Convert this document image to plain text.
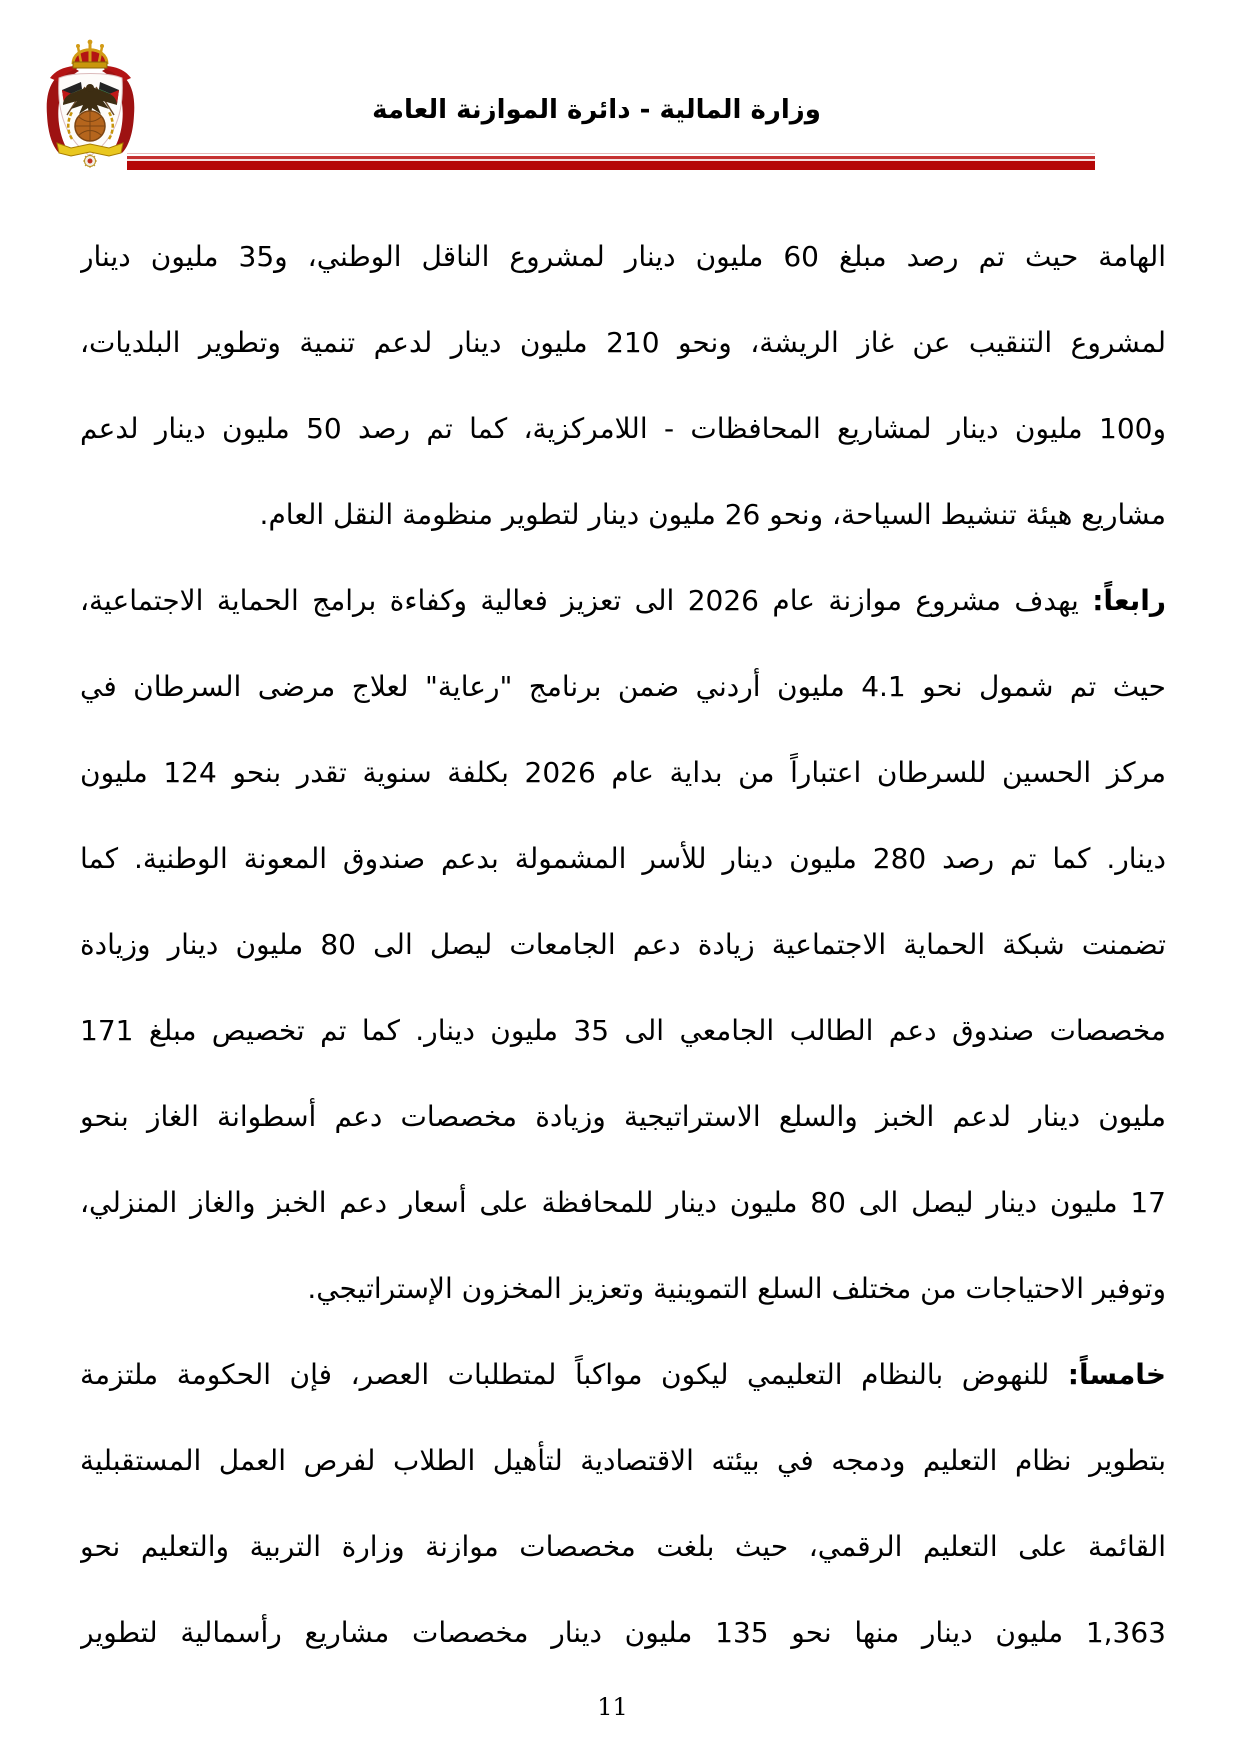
وزارة المالية - دائرة الموازنة العامة
الهامة حيث تم رصد مبلغ 60 مليون دينار لمشروع الناقل الوطني، و35 مليون دينار
لمشروع التنقيب عن غاز الريشة، ونحو 210 مليون دينار لدعم تنمية وتطوير البلديات،
و100 مليون دينار لمشاريع المحافظات - اللامركزية، كما تم رصد 50 مليون دينار لدعم
مشاريع هيئة تنشيط السياحة، ونحو 26 مليون دينار لتطوير منظومة النقل العام.
رابعاً: يهدف مشروع موازنة عام 2026 الى تعزيز فعالية وكفاءة برامج الحماية الاجتماعية،
حيث تم شمول نحو 4.1 مليون أردني ضمن برنامج "رعاية" لعلاج مرضى السرطان في
مركز الحسين للسرطان اعتباراً من بداية عام 2026 بكلفة سنوية تقدر بنحو 124 مليون
دينار. كما تم رصد 280 مليون دينار للأسر المشمولة بدعم صندوق المعونة الوطنية. كما
تضمنت شبكة الحماية الاجتماعية زيادة دعم الجامعات ليصل الى 80 مليون دينار وزيادة
مخصصات صندوق دعم الطالب الجامعي الى 35 مليون دينار. كما تم تخصيص مبلغ 171
مليون دينار لدعم الخبز والسلع الاستراتيجية وزيادة مخصصات دعم أسطوانة الغاز بنحو
17 مليون دينار ليصل الى 80 مليون دينار للمحافظة على أسعار دعم الخبز والغاز المنزلي،
وتوفير الاحتياجات من مختلف السلع التموينية وتعزيز المخزون الإستراتيجي.
خامساً: للنهوض بالنظام التعليمي ليكون مواكباً لمتطلبات العصر، فإن الحكومة ملتزمة
بتطوير نظام التعليم ودمجه في بيئته الاقتصادية لتأهيل الطلاب لفرص العمل المستقبلية
القائمة على التعليم الرقمي، حيث بلغت مخصصات موازنة وزارة التربية والتعليم نحو
1,363 مليون دينار منها نحو 135 مليون دينار مخصصات مشاريع رأسمالية لتطوير
11
